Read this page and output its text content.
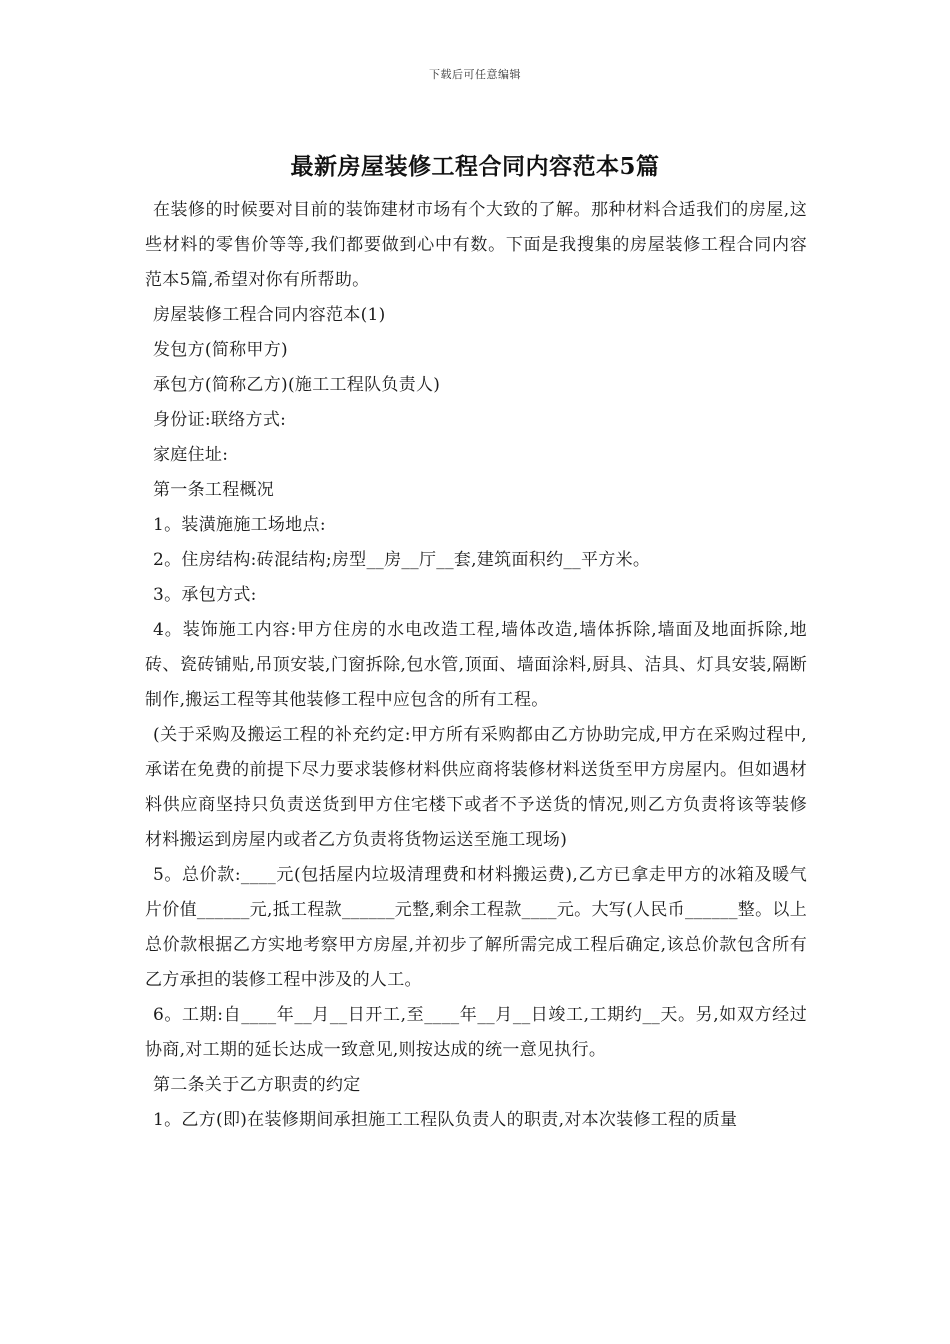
下载后可任意编辑
最新房屋装修工程合同内容范本5篇

在装修的时候要对目前的装饰建材市场有个大致的了解。那种材料合适我们的房屋,这些材料的零售价等等,我们都要做到心中有数。下面是我搜集的房屋装修工程合同内容范本5篇,希望对你有所帮助。

房屋装修工程合同内容范本(1)

发包方(简称甲方)

承包方(简称乙方)(施工工程队负责人)

身份证:联络方式:

家庭住址:

第一条工程概况

1。装潢施施工场地点:

2。住房结构:砖混结构;房型__房__厅__套,建筑面积约__平方米。

3。承包方式:

4。装饰施工内容:甲方住房的水电改造工程,墙体改造,墙体拆除,墙面及地面拆除,地砖、瓷砖铺贴,吊顶安装,门窗拆除,包水管,顶面、墙面涂料,厨具、洁具、灯具安装,隔断制作,搬运工程等其他装修工程中应包含的所有工程。

(关于采购及搬运工程的补充约定:甲方所有采购都由乙方协助完成,甲方在采购过程中,承诺在免费的前提下尽力要求装修材料供应商将装修材料送货至甲方房屋内。但如遇材料供应商坚持只负责送货到甲方住宅楼下或者不予送货的情况,则乙方负责将该等装修材料搬运到房屋内或者乙方负责将货物运送至施工现场)

5。总价款:____元(包括屋内垃圾清理费和材料搬运费),乙方已拿走甲方的冰箱及暖气片价值______元,抵工程款______元整,剩余工程款____元。大写(人民币______整。以上总价款根据乙方实地考察甲方房屋,并初步了解所需完成工程后确定,该总价款包含所有乙方承担的装修工程中涉及的人工。

6。工期:自____年__月__日开工,至____年__月__日竣工,工期约__天。另,如双方经过协商,对工期的延长达成一致意见,则按达成的统一意见执行。

第二条关于乙方职责的约定

1。乙方(即)在装修期间承担施工工程队负责人的职责,对本次装修工程的质量
